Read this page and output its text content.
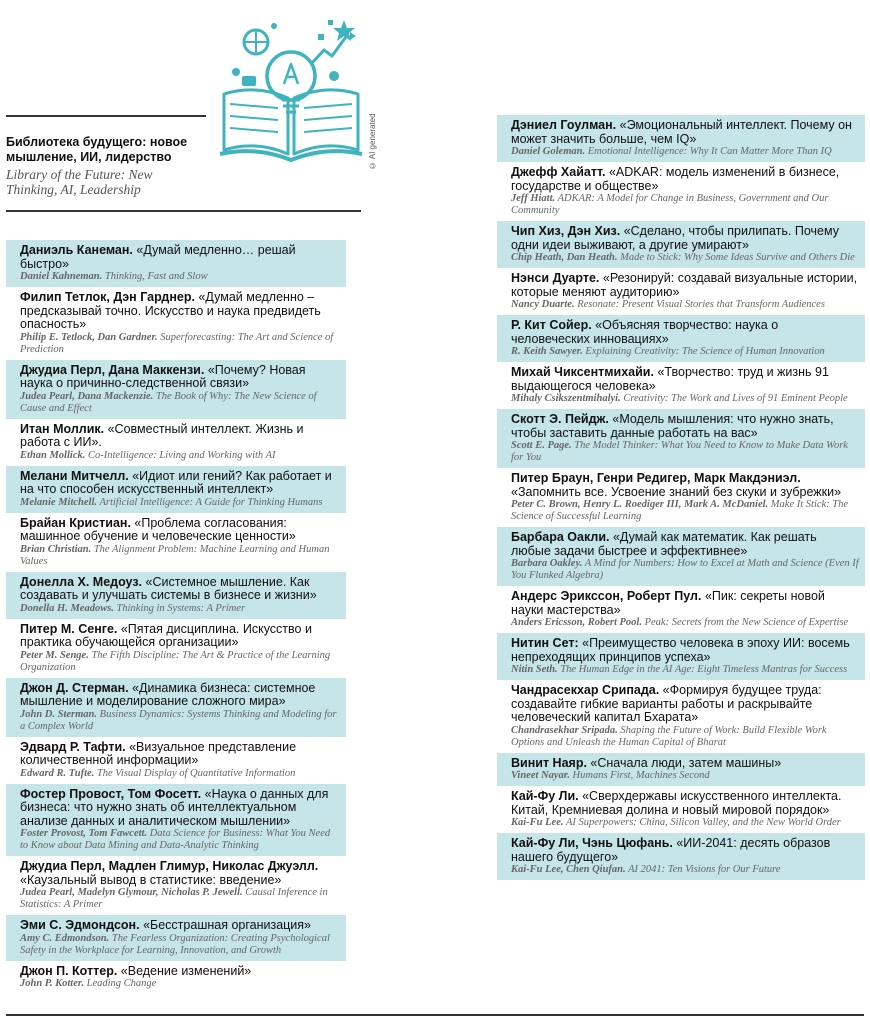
© AI generated
Библиотека будущего: новое мышление, ИИ, лидерство
Library of the Future: New Thinking, AI, Leadership
Даниэль Канеман. «Думай медленно… решай быстро»
Daniel Kahneman. Thinking, Fast and Slow
Филип Тетлок, Дэн Гарднер. «Думай медленно – предсказывай точно. Искусство и наука предвидеть опасность»
Philip E. Tetlock, Dan Gardner. Superforecasting: The Art and Science of Prediction
Джудиа Перл, Дана Маккензи. «Почему? Новая наука о причинно-следственной связи»
Judea Pearl, Dana Mackenzie. The Book of Why: The New Science of Cause and Effect
Итан Моллик. «Совместный интеллект. Жизнь и работа с ИИ».
Ethan Mollick. Co-Intelligence: Living and Working with AI
Мелани Митчелл. «Идиот или гений? Как работает и на что способен искусственный интеллект»
Melanie Mitchell. Artificial Intelligence: A Guide for Thinking Humans
Брайан Кристиан. «Проблема согласования: машинное обучение и человеческие ценности»
Brian Christian. The Alignment Problem: Machine Learning and Human Values
Донелла Х. Медоуз. «Системное мышление. Как создавать и улучшать системы в бизнесе и жизни»
Donella H. Meadows. Thinking in Systems: A Primer
Питер М. Сенге. «Пятая дисциплина. Искусство и практика обучающейся организации»
Peter M. Senge. The Fifth Discipline: The Art & Practice of the Learning Organization
Джон Д. Стерман. «Динамика бизнеса: системное мышление и моделирование сложного мира»
John D. Sterman. Business Dynamics: Systems Thinking and Modeling for a Complex World
Эдвард Р. Тафти. «Визуальное представление количественной информации»
Edward R. Tufte. The Visual Display of Quantitative Information
Фостер Провост, Том Фосетт. «Наука о данных для бизнеса: что нужно знать об интеллектуальном анализе данных и аналитическом мышлении»
Foster Provost, Tom Fawcett. Data Science for Business: What You Need to Know about Data Mining and Data-Analytic Thinking
Джудиа Перл, Мадлен Глимур, Николас Джуэлл. «Каузальный вывод в статистике: введение»
Judea Pearl, Madelyn Glymour, Nicholas P. Jewell. Causal Inference in Statistics: A Primer
Эми С. Эдмондсон. «Бесстрашная организация»
Amy C. Edmondson. The Fearless Organization: Creating Psychological Safety in the Workplace for Learning, Innovation, and Growth
Джон П. Коттер. «Ведение изменений»
John P. Kotter. Leading Change
Дэниел Гоулман. «Эмоциональный интеллект. Почему он может значить больше, чем IQ»
Daniel Goleman. Emotional Intelligence: Why It Can Matter More Than IQ
Джефф Хайатт. «ADKAR: модель изменений в бизнесе, государстве и обществе»
Jeff Hiatt. ADKAR: A Model for Change in Business, Government and Our Community
Чип Хиз, Дэн Хиз. «Сделано, чтобы прилипать. Почему одни идеи выживают, а другие умирают»
Chip Heath, Dan Heath. Made to Stick: Why Some Ideas Survive and Others Die
Нэнси Дуарте. «Резонируй: создавай визуальные истории, которые меняют аудиторию»
Nancy Duarte. Resonate: Present Visual Stories that Transform Audiences
Р. Кит Сойер. «Объясняя творчество: наука о человеческих инновациях»
R. Keith Sawyer. Explaining Creativity: The Science of Human Innovation
Михай Чиксентмихайи. «Творчество: труд и жизнь 91 выдающегося человека»
Mihaly Csikszentmihalyi. Creativity: The Work and Lives of 91 Eminent People
Скотт Э. Пейдж. «Модель мышления: что нужно знать, чтобы заставить данные работать на вас»
Scott E. Page. The Model Thinker: What You Need to Know to Make Data Work for You
Питер Браун, Генри Редигер, Марк Макдэниэл. «Запомнить все. Усвоение знаний без скуки и зубрежки»
Peter C. Brown, Henry L. Roediger III, Mark A. McDaniel. Make It Stick: The Science of Successful Learning
Барбара Оакли. «Думай как математик. Как решать любые задачи быстрее и эффективнее»
Barbara Oakley. A Mind for Numbers: How to Excel at Math and Science (Even If You Flunked Algebra)
Андерс Эрикссон, Роберт Пул. «Пик: секреты новой науки мастерства»
Anders Ericsson, Robert Pool. Peak: Secrets from the New Science of Expertise
Нитин Сет: «Преимущество человека в эпоху ИИ: восемь непреходящих принципов успеха»
Nitin Seth. The Human Edge in the AI Age: Eight Timeless Mantras for Success
Чандрасекхар Срипада. «Формируя будущее труда: создавайте гибкие варианты работы и раскрывайте человеческий капитал Бхарата»
Chandrasekhar Sripada. Shaping the Future of Work: Build Flexible Work Options and Unleash the Human Capital of Bharat
Винит Наяр. «Сначала люди, затем машины»
Vineet Nayar. Humans First, Machines Second
Кай-Фу Ли. «Сверхдержавы искусственного интеллекта. Китай, Кремниевая долина и новый мировой порядок»
Kai-Fu Lee. AI Superpowers: China, Silicon Valley, and the New World Order
Кай-Фу Ли, Чэнь Цюфань. «ИИ-2041: десять образов нашего будущего»
Kai-Fu Lee, Chen Qiufan. AI 2041: Ten Visions for Our Future
